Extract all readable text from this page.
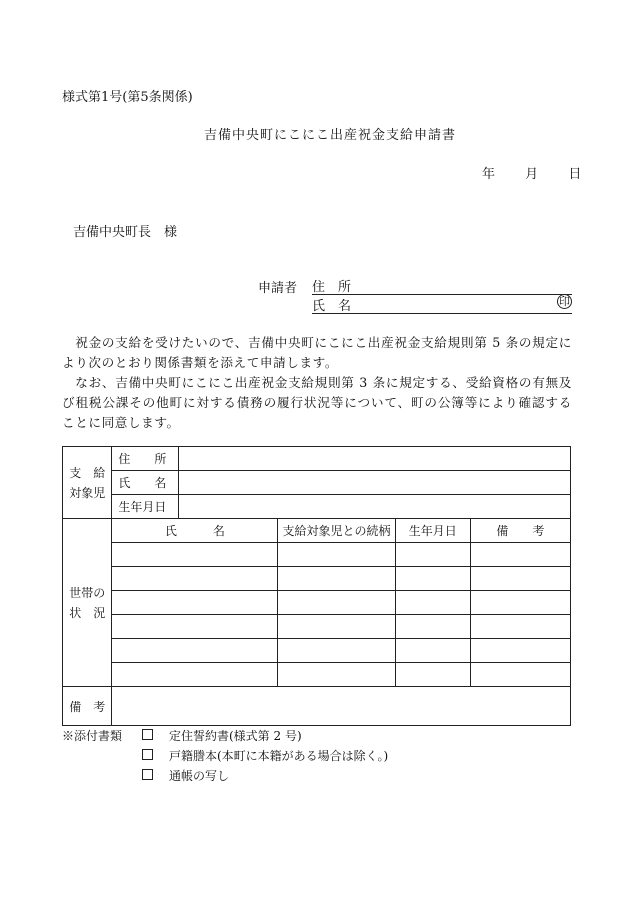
様式第1号(第5条関係)
吉備中央町にこにこ出産祝金支給申請書
年 月 日
吉備中央町長　様
申請者 住　所
氏　名	印
　祝金の支給を受けたいので、吉備中央町にこにこ出産祝金支給規則第 5 条の規定により次のとおり関係書類を添えて申請します。
　なお、吉備中央町にこにこ出産祝金支給規則第 3 条に規定する、受給資格の有無及び租税公課その他町に対する債務の履行状況等について、町の公簿等により確認することに同意します。
支　給
対象児	住　　所				
	氏　　名				
	生年月日				

世帯の
状　況	氏　　　名		支給対象児との続柄	生年月日	備　　考

備　考					
※添付書類	定住誓約書(様式第 2 号)
戸籍謄本(本町に本籍がある場合は除く。)
通帳の写し
